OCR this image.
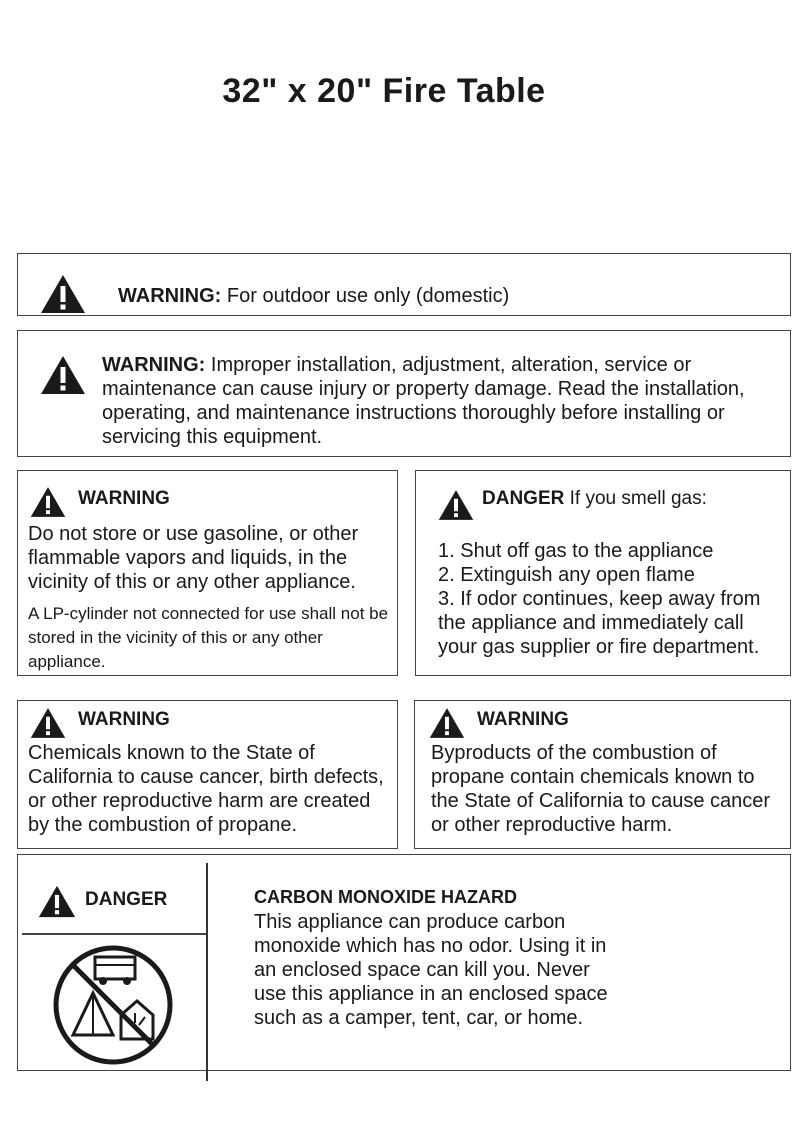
32" x 20" Fire Table
WARNING: For outdoor use only (domestic)
WARNING: Improper installation, adjustment, alteration, service or maintenance can cause injury or property damage. Read the installation, operating, and maintenance instructions thoroughly before installing or servicing this equipment.
WARNING
Do not store or use gasoline, or other flammable vapors and liquids, in the vicinity of this or any other appliance.
A LP-cylinder not connected for use shall not be stored in the vicinity of this or any other appliance.
DANGER If you smell gas:
1. Shut off gas to the appliance
2. Extinguish any open flame
3. If odor continues, keep away from the appliance and immediately call your gas supplier or fire department.
WARNING
Chemicals known to the State of California to cause cancer, birth defects, or other reproductive harm are created by the combustion of propane.
WARNING
Byproducts of the combustion of propane contain chemicals known to the State of California to cause cancer or other reproductive harm.
DANGER	CARBON MONOXIDE HAZARD
This appliance can produce carbon monoxide which has no odor. Using it in an enclosed space can kill you. Never use this appliance in an enclosed space such as a camper, tent, car, or home.
